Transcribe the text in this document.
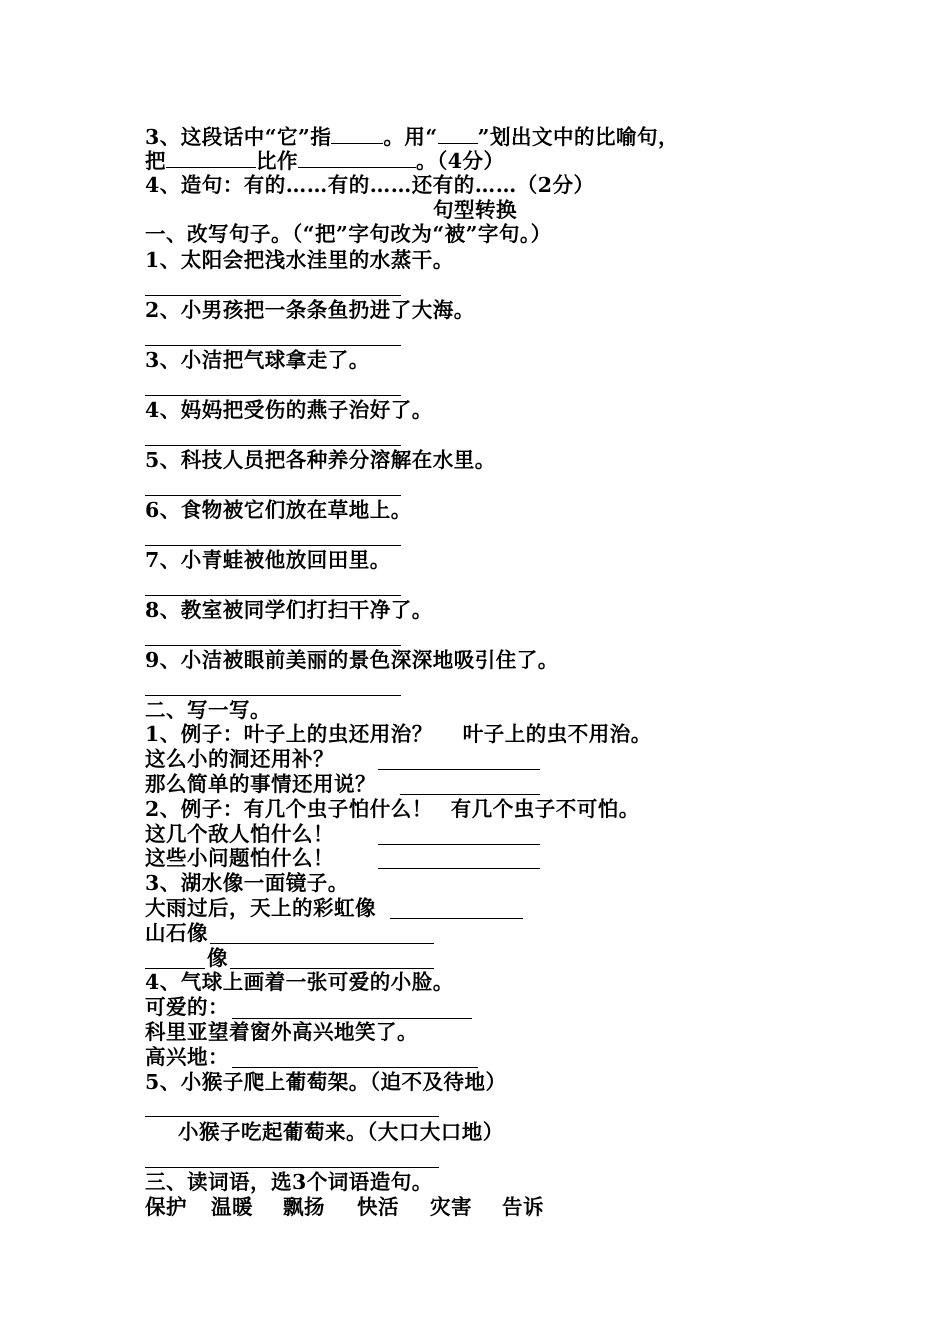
3、这段话中“它”指	。用“ ”划出文中的比喻句，
把	比作	。（4分）
4、造句：有的……有的……还有的……（2分）
句型转换
一、改写句子。（“把”字句改为“被”字句。）
1、太阳会把浅水洼里的水蒸干。
2、小男孩把一条条鱼扔进了大海。
3、小洁把气球拿走了。
4、妈妈把受伤的燕子治好了。
5、科技人员把各种养分溶解在水里。
6、食物被它们放在草地上。
7、小青蛙被他放回田里。
8、教室被同学们打扫干净了。
9、小洁被眼前美丽的景色深深地吸引住了。
二、写一写。
1、例子：叶子上的虫还用治？ 叶子上的虫不用治。
这么小的洞还用补？
那么简单的事情还用说？
2、例子：有几个虫子怕什么！ 有几个虫子不可怕。
这几个敌人怕什么！
这些小问题怕什么！
3、湖水像一面镜子。
大雨过后，天上的彩虹像
山石像
像
4、气球上画着一张可爱的小脸。
可爱的：
科里亚望着窗外高兴地笑了。
高兴地：
5、小猴子爬上葡萄架。（迫不及待地）
小猴子吃起葡萄来。（大口大口地）
三、读词语，选3个词语造句。
保护 温暖 飘扬 快活 灾害 告诉
